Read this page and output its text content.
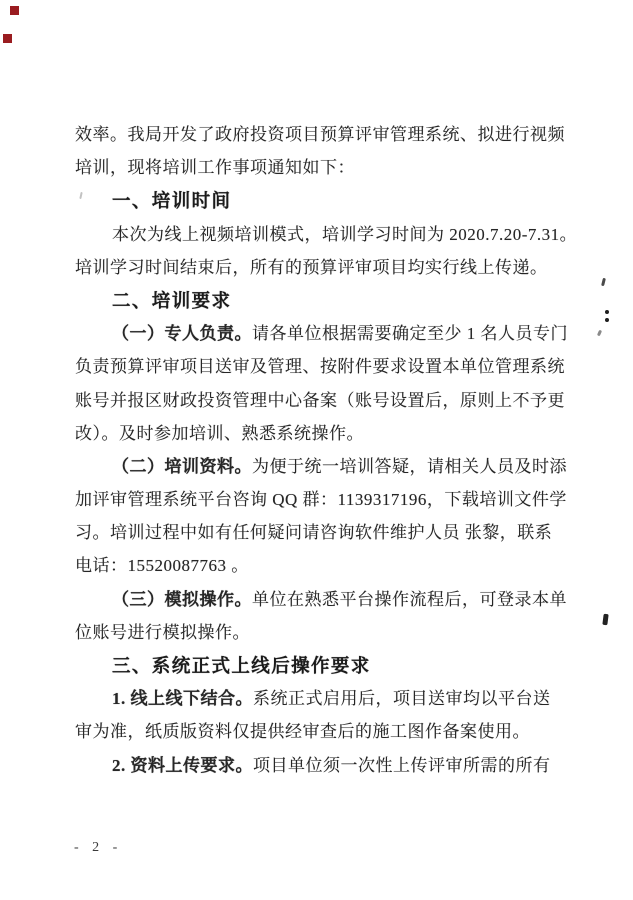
效率。我局开发了政府投资项目预算评审管理系统、拟进行视频
培训，现将培训工作事项通知如下：
一、培训时间
本次为线上视频培训模式，培训学习时间为 2020.7.20-7.31。
培训学习时间结束后，所有的预算评审项目均实行线上传递。
二、培训要求
（一）专人负责。请各单位根据需要确定至少 1 名人员专门
负责预算评审项目送审及管理、按附件要求设置本单位管理系统
账号并报区财政投资管理中心备案（账号设置后，原则上不予更
改）。及时参加培训、熟悉系统操作。
（二）培训资料。为便于统一培训答疑，请相关人员及时添
加评审管理系统平台咨询 QQ 群：1139317196，下载培训文件学
习。培训过程中如有任何疑问请咨询软件维护人员 张黎，联系
电话：15520087763 。
（三）模拟操作。单位在熟悉平台操作流程后，可登录本单
位账号进行模拟操作。
三、系统正式上线后操作要求
1. 线上线下结合。系统正式启用后，项目送审均以平台送
审为准，纸质版资料仅提供经审查后的施工图作备案使用。
2. 资料上传要求。项目单位须一次性上传评审所需的所有
- 2 -
